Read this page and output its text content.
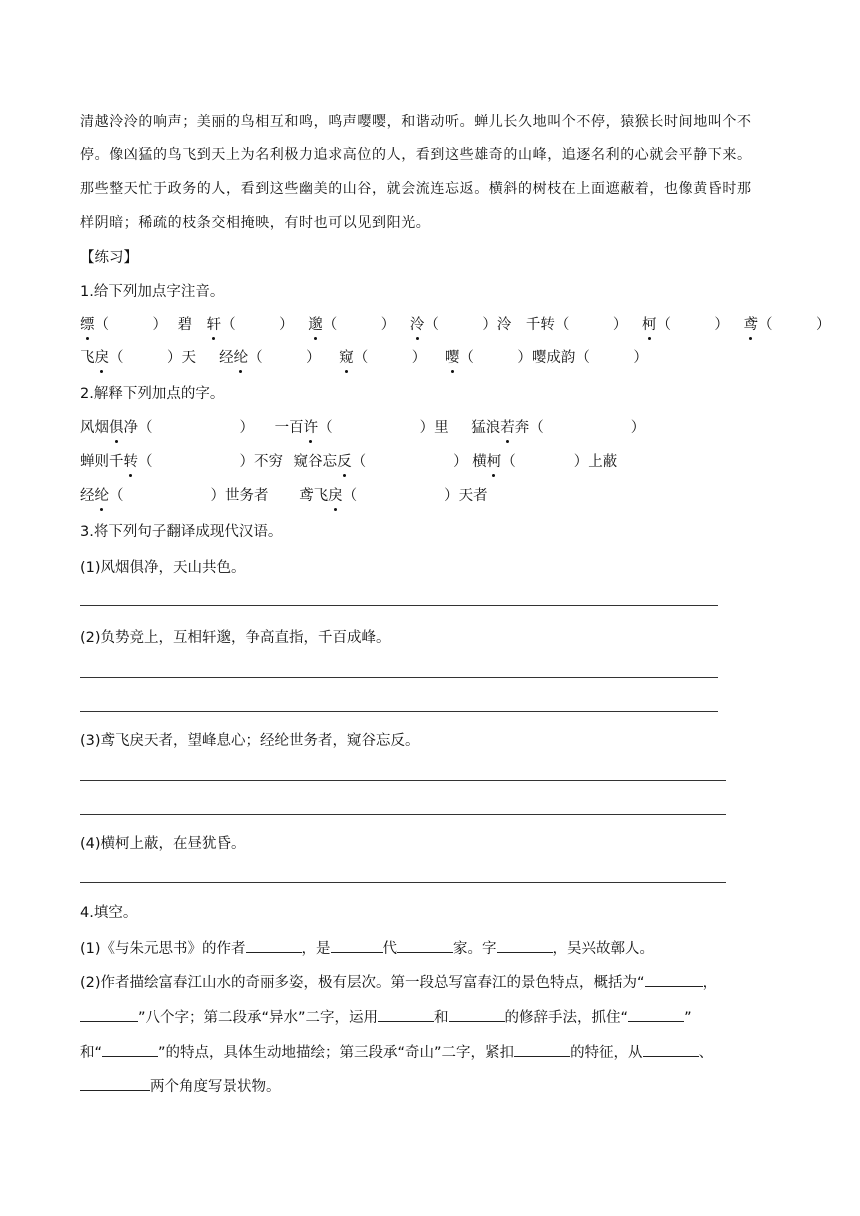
清越泠泠的响声；美丽的鸟相互和鸣，鸣声嘤嘤，和谐动听。蝉儿长久地叫个不停，猿猴长时间地叫个不
停。像凶猛的鸟飞到天上为名利极力追求高位的人，看到这些雄奇的山峰，追逐名利的心就会平静下来。
那些整天忙于政务的人，看到这些幽美的山谷，就会流连忘返。横斜的树枝在上面遮蔽着，也像黄昏时那
样阴暗；稀疏的枝条交相掩映，有时也可以见到阳光。
【练习】
1.给下列加点字注音。
缥（　　　） 碧　轩（　　　） 邈（　　　） 泠（　　　）泠　千转（　　　） 柯（　　　） 鸢（　　　）
飞戾（　　　）天　 经纶（　　　） 窥（　　　） 嘤（　　　）嘤成韵（　　　）
2.解释下列加点的字。
风烟俱净（　　　　　　） 一百许（　　　　　　）里 猛浪若奔（　　　　　　）
蝉则千转（　　　　　　）不穷 窥谷忘反（　　　　　　） 横柯（　　　　）上蔽
经纶（　　　　　　）世务者 鸢飞戾（　　　　　　）天者
3.将下列句子翻译成现代汉语。
(1)风烟俱净，天山共色。
(2)负势竞上，互相轩邈，争高直指，千百成峰。
(3)鸢飞戾天者，望峰息心；经纶世务者，窥谷忘反。
(4)横柯上蔽，在昼犹昏。
4.填空。
(1)《与朱元思书》的作者	，是	代	家。字	，吴兴故鄣人。
(2)作者描绘富春江山水的奇丽多姿，极有层次。第一段总写富春江的景色特点，概括为“	，
”八个字；第二段承“异水”二字，运用	和	的修辞手法，抓住“	”
和“	”的特点，具体生动地描绘；第三段承“奇山”二字，紧扣	的特征，从	、
两个角度写景状物。
